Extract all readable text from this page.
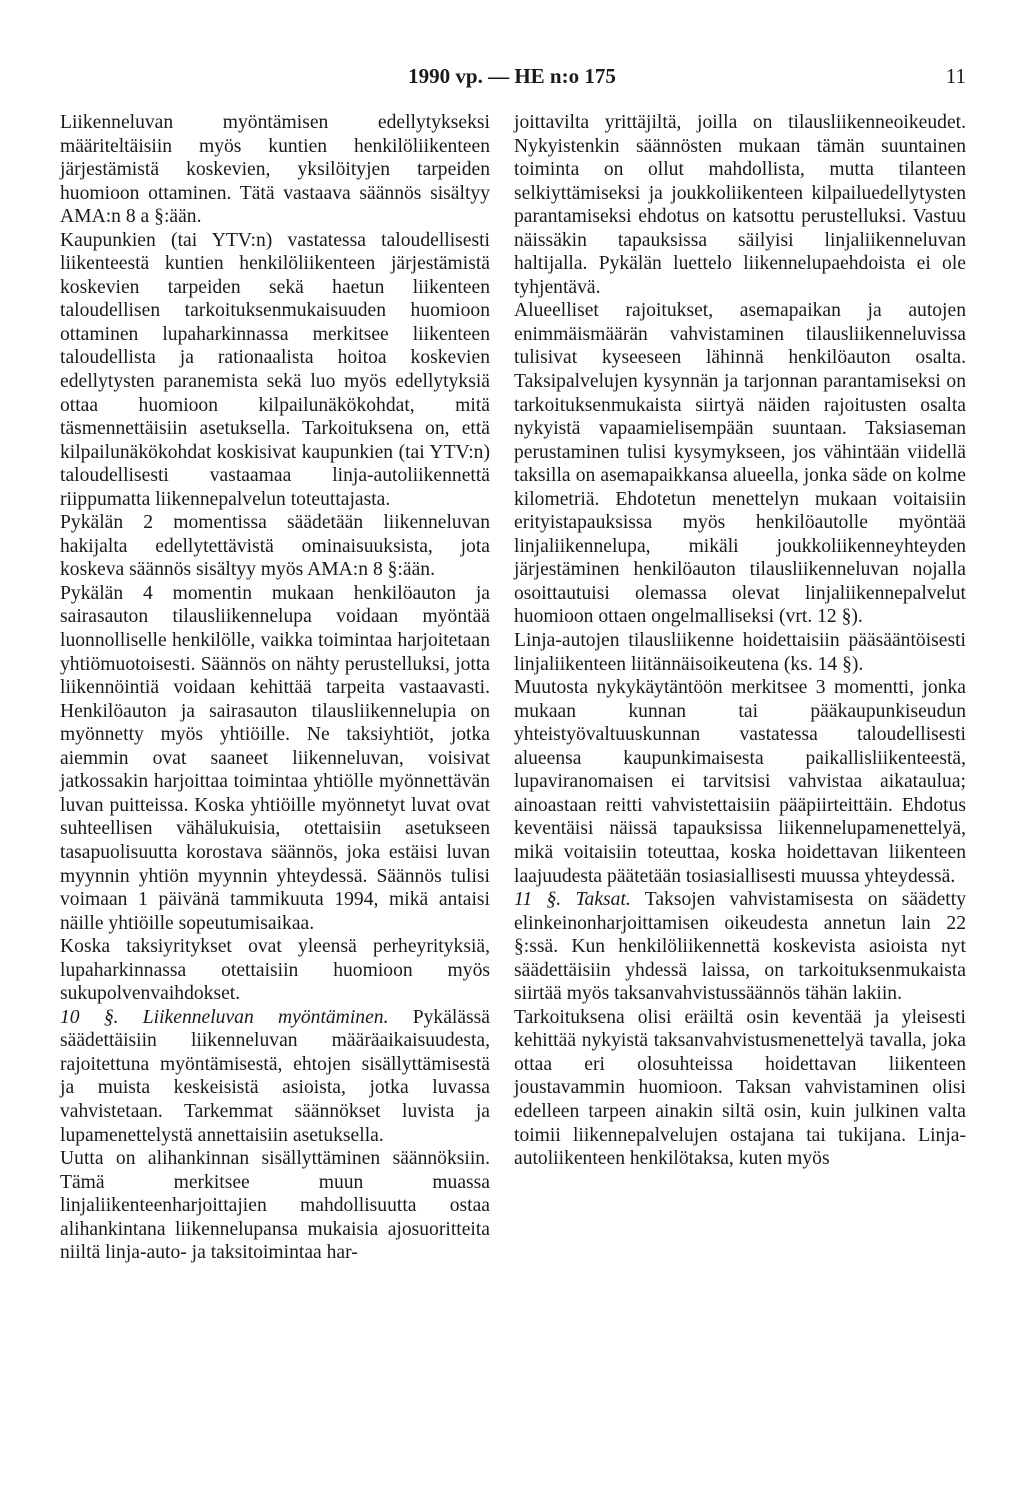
1990 vp. — HE n:o 175	11

Liikenneluvan myöntämisen edellytykseksi määriteltäisiin myös kuntien henkilöliikenteen järjestämistä koskevien, yksilöityjen tarpeiden huomioon ottaminen. Tätä vastaava säännös sisältyy AMA:n 8 a §:ään.

Kaupunkien (tai YTV:n) vastatessa taloudellisesti liikenteestä kuntien henkilöliikenteen järjestämistä koskevien tarpeiden sekä haetun liikenteen taloudellisen tarkoituksenmukaisuuden huomioon ottaminen lupaharkinnassa merkitsee liikenteen taloudellista ja rationaalista hoitoa koskevien edellytysten paranemista sekä luo myös edellytyksiä ottaa huomioon kilpailunäkökohdat, mitä täsmennettäisiin asetuksella. Tarkoituksena on, että kilpailunäkökohdat koskisivat kaupunkien (tai YTV:n) taloudellisesti vastaamaa linja-autoliikennettä riippumatta liikennepalvelun toteuttajasta.

Pykälän 2 momentissa säädetään liikenneluvan hakijalta edellytettävistä ominaisuuksista, jota koskeva säännös sisältyy myös AMA:n 8 §:ään.

Pykälän 4 momentin mukaan henkilöauton ja sairasauton tilausliikennelupa voidaan myöntää luonnolliselle henkilölle, vaikka toimintaa harjoitetaan yhtiömuotoisesti. Säännös on nähty perustelluksi, jotta liikennöintiä voidaan kehittää tarpeita vastaavasti. Henkilöauton ja sairasauton tilausliikennelupia on myönnetty myös yhtiöille. Ne taksiyhtiöt, jotka aiemmin ovat saaneet liikenneluvan, voisivat jatkossakin harjoittaa toimintaa yhtiölle myönnettävän luvan puitteissa. Koska yhtiöille myönnetyt luvat ovat suhteellisen vähälukuisia, otettaisiin asetukseen tasapuolisuutta korostava säännös, joka estäisi luvan myynnin yhtiön myynnin yhteydessä. Säännös tulisi voimaan 1 päivänä tammikuuta 1994, mikä antaisi näille yhtiöille sopeutumisaikaa.

Koska taksiyritykset ovat yleensä perheyrityksiä, lupaharkinnassa otettaisiin huomioon myös sukupolvenvaihdokset.

10 §. Liikenneluvan myöntäminen. Pykälässä säädettäisiin liikenneluvan määräaikaisuudesta, rajoitettuna myöntämisestä, ehtojen sisällyttämisestä ja muista keskeisistä asioista, jotka luvassa vahvistetaan. Tarkemmat säännökset luvista ja lupamenettelystä annettaisiin asetuksella.

Uutta on alihankinnan sisällyttäminen säännöksiin. Tämä merkitsee muun muassa linjaliikenteenharjoittajien mahdollisuutta ostaa alihankintana liikennelupansa mukaisia ajosuoritteita niiltä linja-auto- ja taksitoimintaa har-

joittavilta yrittäjiltä, joilla on tilausliikenneoikeudet. Nykyistenkin säännösten mukaan tämän suuntainen toiminta on ollut mahdollista, mutta tilanteen selkiyttämiseksi ja joukkoliikenteen kilpailuedellytysten parantamiseksi ehdotus on katsottu perustelluksi. Vastuu näissäkin tapauksissa säilyisi linjaliikenneluvan haltijalla. Pykälän luettelo liikennelupaehdoista ei ole tyhjentävä.

Alueelliset rajoitukset, asemapaikan ja autojen enimmäismäärän vahvistaminen tilausliikenneluvissa tulisivat kyseeseen lähinnä henkilöauton osalta. Taksipalvelujen kysynnän ja tarjonnan parantamiseksi on tarkoituksenmukaista siirtyä näiden rajoitusten osalta nykyistä vapaamielisempään suuntaan. Taksiaseman perustaminen tulisi kysymykseen, jos vähintään viidellä taksilla on asemapaikkansa alueella, jonka säde on kolme kilometriä. Ehdotetun menettelyn mukaan voitaisiin erityistapauksissa myös henkilöautolle myöntää linjaliikennelupa, mikäli joukkoliikenneyhteyden järjestäminen henkilöauton tilausliikenneluvan nojalla osoittautuisi olemassa olevat linjaliikennepalvelut huomioon ottaen ongelmalliseksi (vrt. 12 §).

Linja-autojen tilausliikenne hoidettaisiin pääsääntöisesti linjaliikenteen liitännäisoikeutena (ks. 14 §).

Muutosta nykykäytäntöön merkitsee 3 momentti, jonka mukaan kunnan tai pääkaupunkiseudun yhteistyövaltuuskunnan vastatessa taloudellisesti alueensa kaupunkimaisesta paikallisliikenteestä, lupaviranomaisen ei tarvitsisi vahvistaa aikataulua; ainoastaan reitti vahvistettaisiin pääpiirteittäin. Ehdotus keventäisi näissä tapauksissa liikennelupamenettelyä, mikä voitaisiin toteuttaa, koska hoidettavan liikenteen laajuudesta päätetään tosiasiallisesti muussa yhteydessä.

11 §. Taksat. Taksojen vahvistamisesta on säädetty elinkeinonharjoittamisen oikeudesta annetun lain 22 §:ssä. Kun henkilöliikennettä koskevista asioista nyt säädettäisiin yhdessä laissa, on tarkoituksenmukaista siirtää myös taksanvahvistussäännös tähän lakiin.

Tarkoituksena olisi eräiltä osin keventää ja yleisesti kehittää nykyistä taksanvahvistusmenettelyä tavalla, joka ottaa eri olosuhteissa hoidettavan liikenteen joustavammin huomioon. Taksan vahvistaminen olisi edelleen tarpeen ainakin siltä osin, kuin julkinen valta toimii liikennepalvelujen ostajana tai tukijana. Linja-autoliikenteen henkilötaksa, kuten myös
